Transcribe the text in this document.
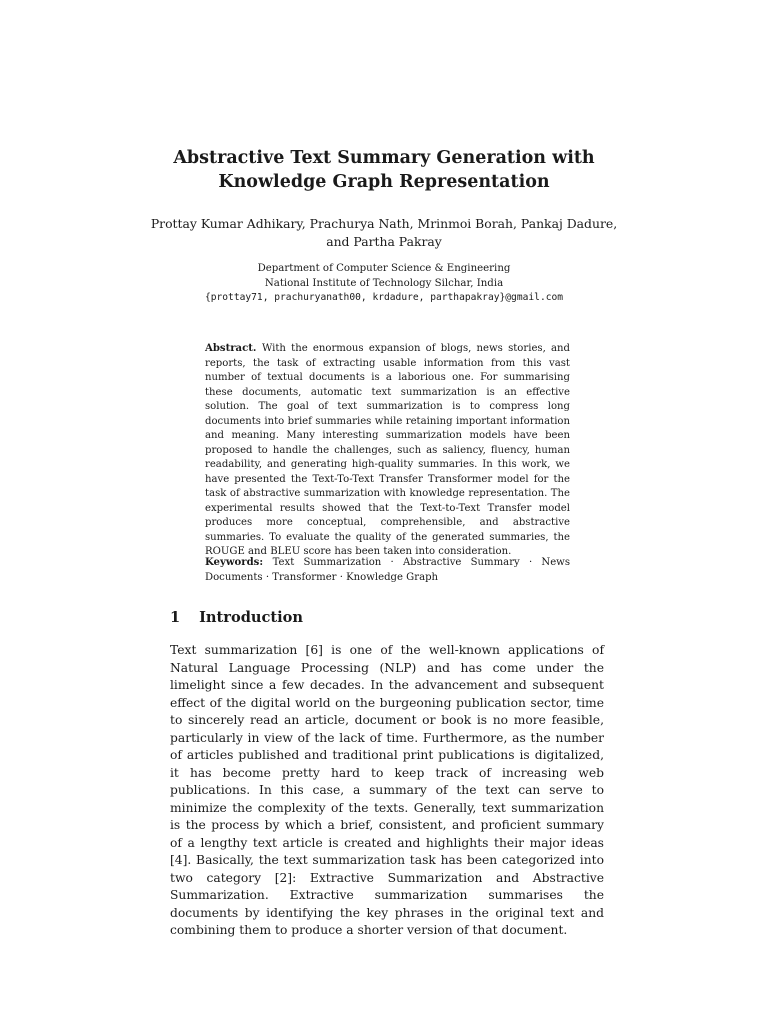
Abstractive Text Summary Generation with
Knowledge Graph Representation
Prottay Kumar Adhikary, Prachurya Nath, Mrinmoi Borah, Pankaj Dadure,
and Partha Pakray
Department of Computer Science & Engineering
National Institute of Technology Silchar, India
{prottay71, prachuryanath00, krdadure, parthapakray}@gmail.com
Abstract. With the enormous expansion of blogs, news stories, and reports, the task of extracting usable information from this vast number of textual documents is a laborious one. For summarising these documents, automatic text summarization is an effective solution. The goal of text summarization is to compress long documents into brief summaries while retaining important information and meaning. Many interesting summarization models have been proposed to handle the challenges, such as saliency, fluency, human readability, and generating high-quality summaries. In this work, we have presented the Text-To-Text Transfer Transformer model for the task of abstractive summarization with knowledge representation. The experimental results showed that the Text-to-Text Transfer model produces more conceptual, comprehensible, and abstractive summaries. To evaluate the quality of the generated summaries, the ROUGE and BLEU score has been taken into consideration.
Keywords: Text Summarization · Abstractive Summary · News Documents · Transformer · Knowledge Graph
1 Introduction
Text summarization [6] is one of the well-known applications of Natural Language Processing (NLP) and has come under the limelight since a few decades. In the advancement and subsequent effect of the digital world on the burgeoning publication sector, time to sincerely read an article, document or book is no more feasible, particularly in view of the lack of time. Furthermore, as the number of articles published and traditional print publications is digitalized, it has become pretty hard to keep track of increasing web publications. In this case, a summary of the text can serve to minimize the complexity of the texts. Generally, text summarization is the process by which a brief, consistent, and proficient summary of a lengthy text article is created and highlights their major ideas [4]. Basically, the text summarization task has been categorized into two category [2]: Extractive Summarization and Abstractive Summarization. Extractive summarization summarises the documents by identifying the key phrases in the original text and combining them to produce a shorter version of that document.
